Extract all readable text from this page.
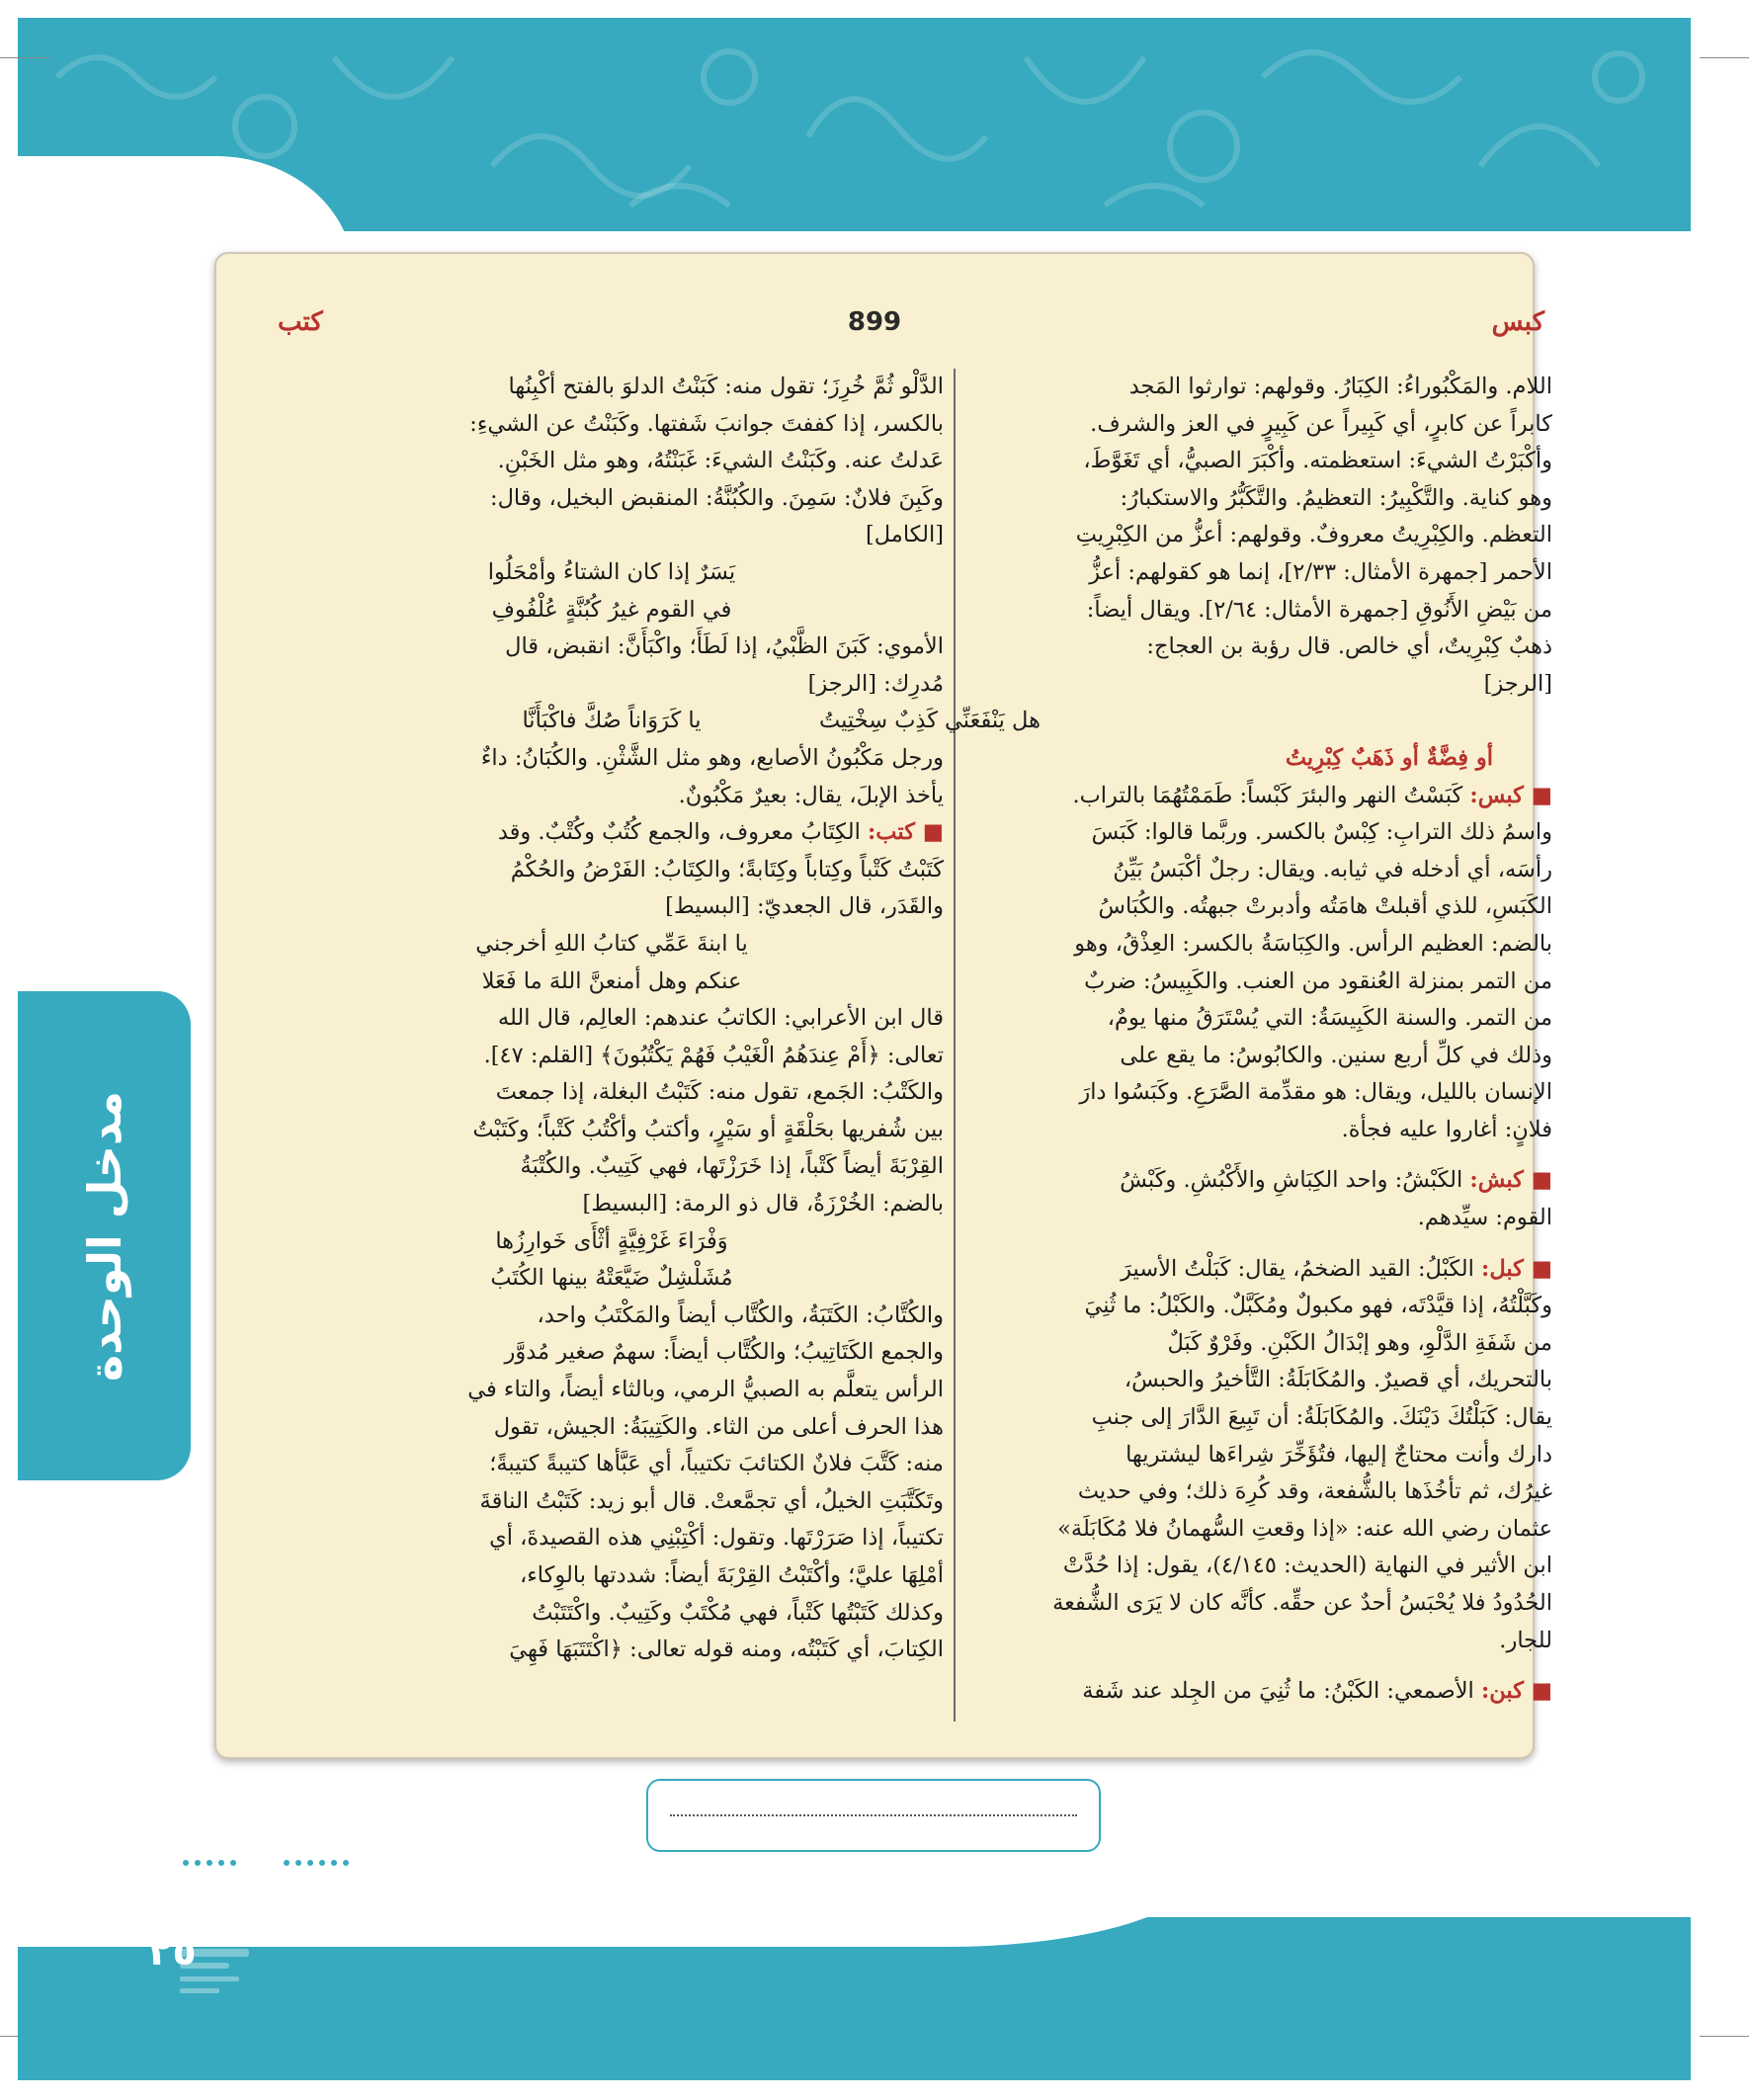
مدخل الوحدة
كبس
899
كتب
اللام. والمَكْبُوراءُ: الكِبَارُ. وقولهم: توارثوا المَجد
كابراً عن كابرٍ، أي كَبِيراً عن كَبِيرٍ في العز والشرف.
وأكْبَرْتُ الشيءَ: استعظمته. وأكْبَرَ الصبيُّ، أي تَغَوَّطَ،
وهو كناية. والتَّكْبِيرُ: التعظيمُ. والتَّكَبُّرُ والاستكبارُ:
التعظم. والكِبْرِيتُ معروفٌ. وقولهم: أعزُّ من الكِبْرِيتِ
الأحمر [جمهرة الأمثال: ٢/٣٣]، إنما هو كقولهم: أعزُّ
من بَيْضِ الأَنُوقِ [جمهرة الأمثال: ٢/٦٤]. ويقال أيضاً:
ذهبٌ كِبْرِيتٌ، أي خالص. قال رؤبة بن العجاج:
[الرجز]
هل يَنْفَعَنِّي كَذِبٌ سِخْتِيتُ
أو فِضَّةٌ أو ذَهَبٌ كِبْرِيتُ
■ كبس: كَبَسْتُ النهر والبئرَ كَبْساً: طَمَمْتُهُمَا بالتراب.
واسمُ ذلك الترابِ: كِبْسٌ بالكسر. وربَّما قالوا: كَبَسَ
رأسَه، أي أدخله في ثيابه. ويقال: رجلٌ أكْبَسُ بَيِّنُ
الكَبَسِ، للذي أقبلتْ هامَتُه وأدبرتْ جبهتُه. والكُبَاسُ
بالضم: العظيم الرأس. والكِبَاسَةُ بالكسر: العِذْقُ، وهو
من التمر بمنزلة العُنقود من العنب. والكَبِيسُ: ضربٌ
من التمر. والسنة الكَبِيسَةُ: التي يُسْتَرَقُ منها يومٌ،
وذلك في كلِّ أربع سنين. والكابُوسُ: ما يقع على
الإنسان بالليل، ويقال: هو مقدِّمة الصَّرَعِ. وكَبَسُوا دارَ
فلانٍ: أغاروا عليه فجأة.
■ كبش: الكَبْشُ: واحد الكِبَاشِ والأَكْبُشِ. وكَبْشُ
القوم: سيِّدهم.
■ كبل: الكَبْلُ: القيد الضخمُ، يقال: كَبَلْتُ الأسيرَ
وكَبَّلْتُهُ، إذا قيَّدْتَه، فهو مكبولٌ ومُكَبَّلٌ. والكَبْلُ: ما ثُنِيَ
من شَفَةِ الدَّلْوِ، وهو إبْدَالُ الكَبْنِ. وفَرْوٌ كَبَلٌ
بالتحريك، أي قصيرٌ. والمُكَابَلَةُ: التَّأخيرُ والحبسُ،
يقال: كَبَلْتُكَ دَيْنَكَ. والمُكَابَلَةُ: أن تَبِيعَ الدَّارَ إلى جنبِ
دارك وأنت محتاجٌ إليها، فتُؤَخِّرَ شِراءَها ليشتريها
غيرُك، ثم تأخُذَها بالشُّفعة، وقد كُرِهَ ذلك؛ وفي حديث
عثمان رضي الله عنه: «إذا وقعتِ السُّهمانُ فلا مُكَابَلَة»
ابن الأثير في النهاية (الحديث: ٤/١٤٥)، يقول: إذا حُدَّتْ
الحُدُودُ فلا يُحْبَسُ أحدٌ عن حقِّه. كأنَّه كان لا يَرَى الشُّفعة
للجار.
■ كبن: الأصمعي: الكَبْنُ: ما ثُنِيَ من الجِلد عند شَفة
الدَّلْو ثُمَّ خُرِزَ؛ تقول منه: كَبَنْتُ الدلوَ بالفتح أكْبِنُها
بالكسر، إذا كففتَ جوانبَ شَفتها. وكَبَنْتُ عن الشيءِ:
عَدلتُ عنه. وكَبَنْتُ الشيءَ: غَبَنْتُهُ، وهو مثل الخَبْنِ.
وكَبِنَ فلانٌ: سَمِنَ. والكُبُنَّةُ: المنقبض البخيل، وقال:
[الكامل]
يَسَرٌ إذا كان الشتاءُ وأمْحَلُوا
في القوم غيرُ كُبُنَّةٍ عُلْفُوفِ
الأموي: كَبَنَ الظَّبْيُ، إذا لَطَأَ؛ واكْبَأَنَّ: انقبض، قال
مُدرِك: [الرجز]
يا كَرَوَاناً صُكَّ فاكْبَأَنَّا
ورجل مَكْبُونُ الأصابع، وهو مثل الشَّثْنِ. والكُبَانُ: داءٌ
يأخذ الإبلَ، يقال: بعيرٌ مَكْبُونٌ.
■ كتب: الكِتَابُ معروف، والجمع كُتُبٌ وكُتْبٌ. وقد
كَتَبْتُ كَتْباً وكِتاباً وكِتَابةً؛ والكِتَابُ: الفَرْضُ والحُكْمُ
والقَدَر، قال الجعديّ: [البسيط]
يا ابنةَ عَمِّي كتابُ اللهِ أخرجني
عنكم وهل أمنعنَّ اللهَ ما فَعَلا
قال ابن الأعرابي: الكاتبُ عندهم: العالِم، قال الله
تعالى: ﴿أَمْ عِندَهُمُ الْغَيْبُ فَهُمْ يَكْتُبُونَ﴾ [القلم: ٤٧].
والكَتْبُ: الجَمع، تقول منه: كَتَبْتُ البغلة، إذا جمعتَ
بين شُفريها بحَلْقَةٍ أو سَيْرٍ، وأكتبُ وأكْتُبُ كَتْباً؛ وكَتَبْتُ
القِرْبَةَ أيضاً كَتْباً، إذا خَرَزْتَها، فهي كَتِيبٌ. والكُتْبَةُ
بالضم: الخُرْزَةُ، قال ذو الرمة: [البسيط]
وَفْرَاءَ غَرْفِيَّةٍ أثْأَى خَوارِزُها
مُشَلْشِلٌ ضَيَّعَتْهُ بينها الكُتَبُ
والكُتَّابُ: الكَتَبَةُ، والكُتَّاب أيضاً والمَكْتَبُ واحد،
والجمع الكَتَاتِيبُ؛ والكُتَّاب أيضاً: سهمٌ صغير مُدوَّر
الرأس يتعلَّم به الصبيُّ الرمي، وبالثاء أيضاً، والتاء في
هذا الحرف أعلى من الثاء. والكَتِيبَةُ: الجيش، تقول
منه: كَتَّبَ فلانٌ الكتائبَ تكتيباً، أي عَبَّأها كتيبةً كتيبةً؛
وتَكَتَّبَتِ الخيلُ، أي تجمَّعتْ. قال أبو زيد: كَتَبْتُ الناقةَ
تكتيباً، إذا صَرَرْتَها. وتقول: أكْتِبْنِي هذه القصيدةَ، أي
أمْلِهَا عليَّ؛ وأكْتَبْتُ القِرْبَةَ أيضاً: شددتها بالوِكاء،
وكذلك كَتَبْتُها كَتْباً، فهي مُكْتَبٌ وكَتِيبٌ. واكْتَتَبْتُ
الكِتابَ، أي كَتَبْتُه، ومنه قوله تعالى: ﴿اكْتَتَبَهَا فَهِيَ
٢٥
